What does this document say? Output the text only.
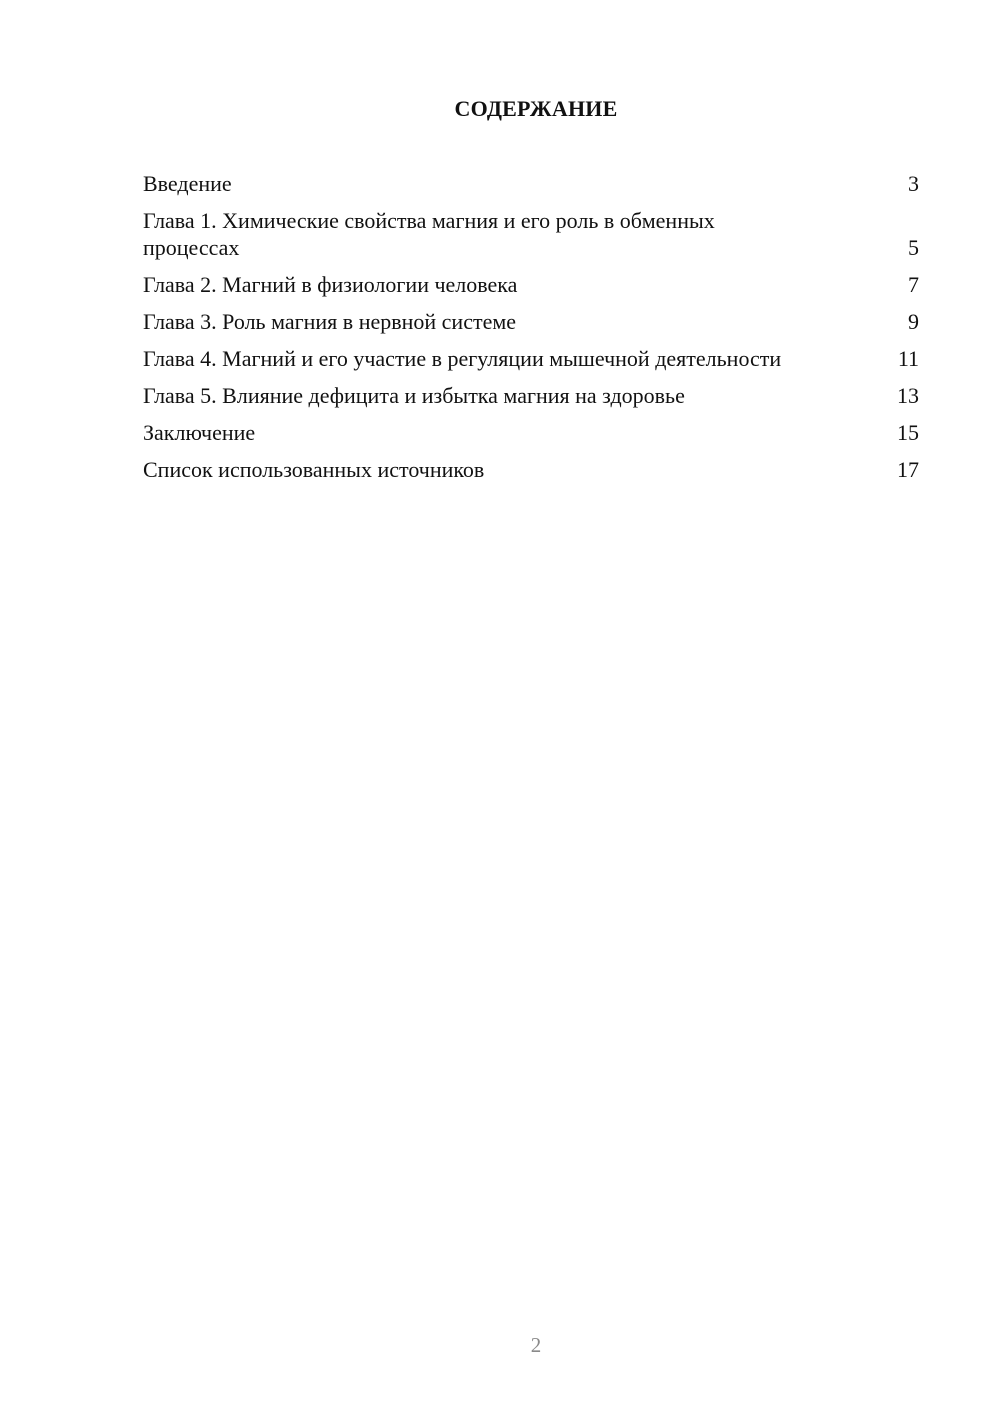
СОДЕРЖАНИЕ
Введение	3
Глава 1. Химические свойства магния и его роль в обменных процессах	5
Глава 2. Магний в физиологии человека	7
Глава 3. Роль магния в нервной системе	9
Глава 4. Магний и его участие в регуляции мышечной деятельности	11
Глава 5. Влияние дефицита и избытка магния на здоровье	13
Заключение	15
Список использованных источников	17
2
